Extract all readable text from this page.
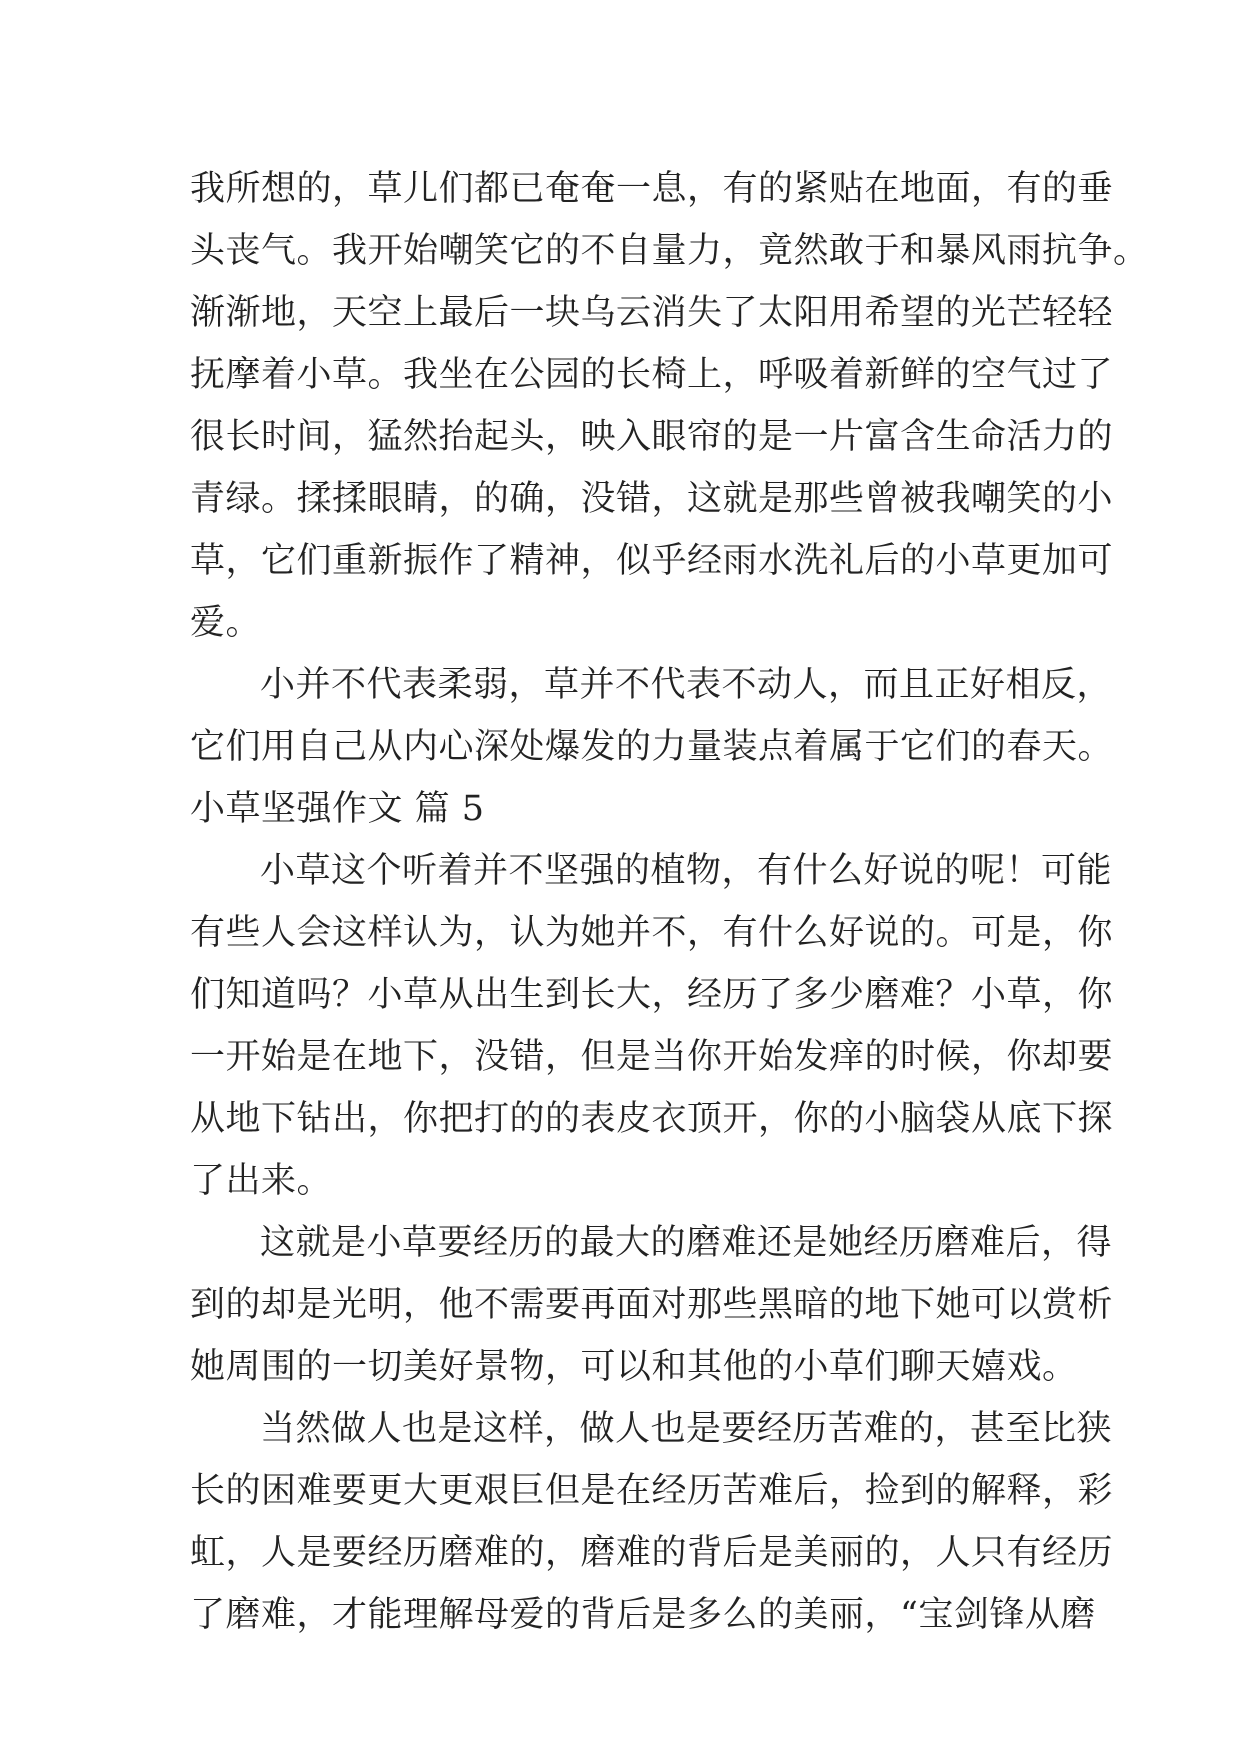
我所想的，草儿们都已奄奄一息，有的紧贴在地面，有的垂
头丧气。我开始嘲笑它的不自量力，竟然敢于和暴风雨抗争。
渐渐地，天空上最后一块乌云消失了太阳用希望的光芒轻轻
抚摩着小草。我坐在公园的长椅上，呼吸着新鲜的空气过了
很长时间，猛然抬起头，映入眼帘的是一片富含生命活力的
青绿。揉揉眼睛，的确，没错，这就是那些曾被我嘲笑的小
草，它们重新振作了精神，似乎经雨水洗礼后的小草更加可
爱。
小并不代表柔弱，草并不代表不动人，而且正好相反，
它们用自己从内心深处爆发的力量装点着属于它们的春天。
小草坚强作文 篇 5
小草这个听着并不坚强的植物，有什么好说的呢！可能
有些人会这样认为，认为她并不，有什么好说的。可是，你
们知道吗？小草从出生到长大，经历了多少磨难？小草，你
一开始是在地下，没错，但是当你开始发痒的时候，你却要
从地下钻出，你把打的的表皮衣顶开，你的小脑袋从底下探
了出来。
这就是小草要经历的最大的磨难还是她经历磨难后，得
到的却是光明，他不需要再面对那些黑暗的地下她可以赏析
她周围的一切美好景物，可以和其他的小草们聊天嬉戏。
当然做人也是这样，做人也是要经历苦难的，甚至比狭
长的困难要更大更艰巨但是在经历苦难后，捡到的解释，彩
虹，人是要经历磨难的，磨难的背后是美丽的，人只有经历
了磨难，才能理解母爱的背后是多么的美丽，“宝剑锋从磨
